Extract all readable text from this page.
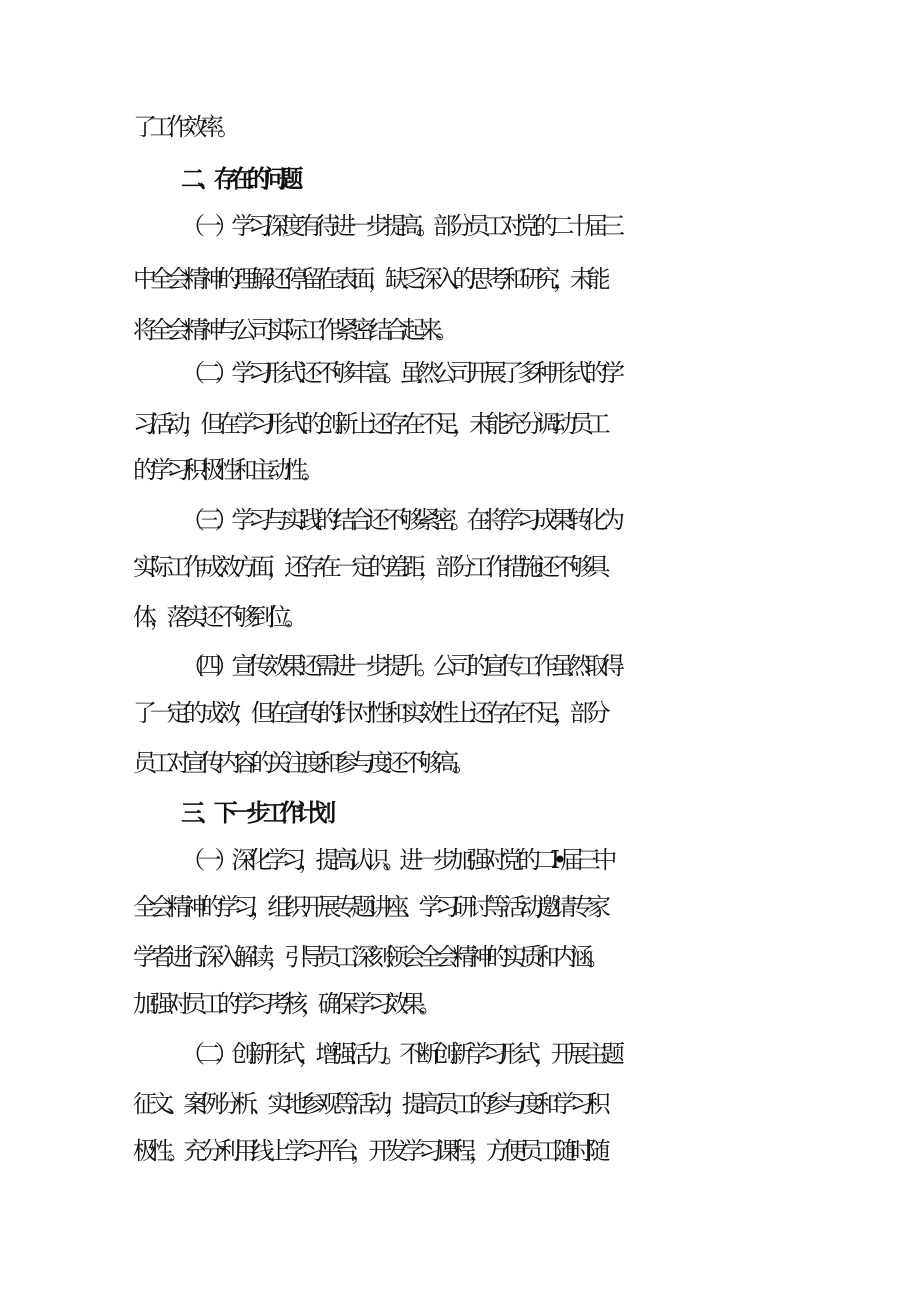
了工作效率。
二、存在的问题
（一）学习深度有待进一步提高。部分员工对党的二十届三
中全会精神的理解还停留在表面，缺乏深入的思考和研究，未能
将全会精神与公司实际工作紧密结合起来。
（二）学习形式还不够丰富。虽然公司开展了多种形式的学
习活动，但在学习形式的创新上还存在不足，未能充分调动员工
的学习积极性和主动性。
（三）学习与实践的结合还不够紧密。在将学习成果转化为
实际工作成效方面，还存在一定的差距，部分工作措施还不够具
体，落实还不够到位。
（四）宣传效果还需进一步提升。公司的宣传工作虽然取得
了一定的成效，但在宣传的针对性和实效性上还存在不足，部分
员工对宣传内容的关注度和参与度还不够高。
三、下一步工作计划
（一）深化学习，提高认识。进一步加强对党的二I•届三中
全会精神的学习，组织开展专题讲座、学习研讨等活动,邀请专家
学者进行深入解读，引导员工深刻领会全会精神的实质和内涵。
加强对员工的学习考核，确保学习效果。
（二）创新形式，增强活力。不断创新学习形式，开展主题
征文、案例分析、实地参观等活动，提高员工的参与度和学习积
极性。充分利用线上学习平台，开发学习课程，方便员工随时随
